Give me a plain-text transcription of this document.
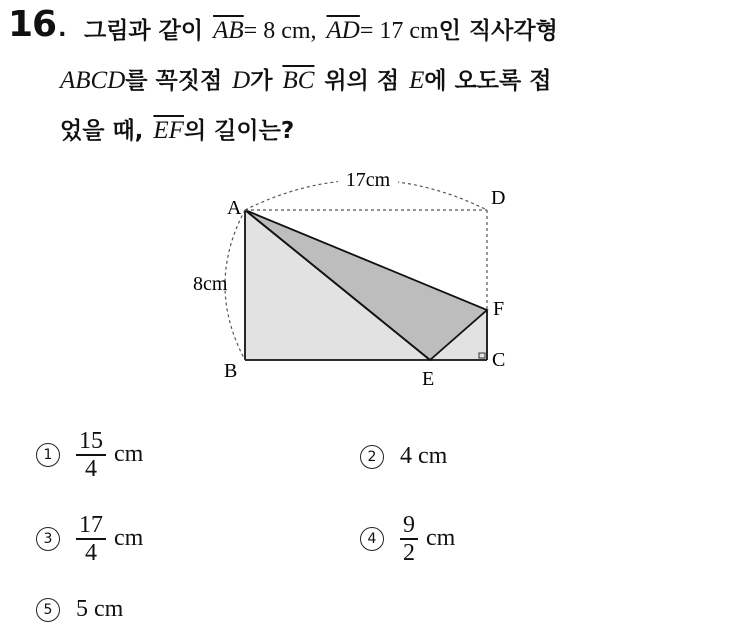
16. 그림과 같이 $\overline{AB}= 8$ cm, $\overline{AD}= 17$ cm인 직사각형
ABCD를 꼭짓점 D가 $\overline{BC}$ 위의 점 E에 오도록 접
었을 때, $\overline{EF}$의 길이는?
17cm
8cm
A	D
B	C
E
F
$1 \frac{15}{4}$ cm	2 4 cm
$3 \frac{17}{4}$ cm	$4 \frac{9}{2}$ cm
5 5 cm
